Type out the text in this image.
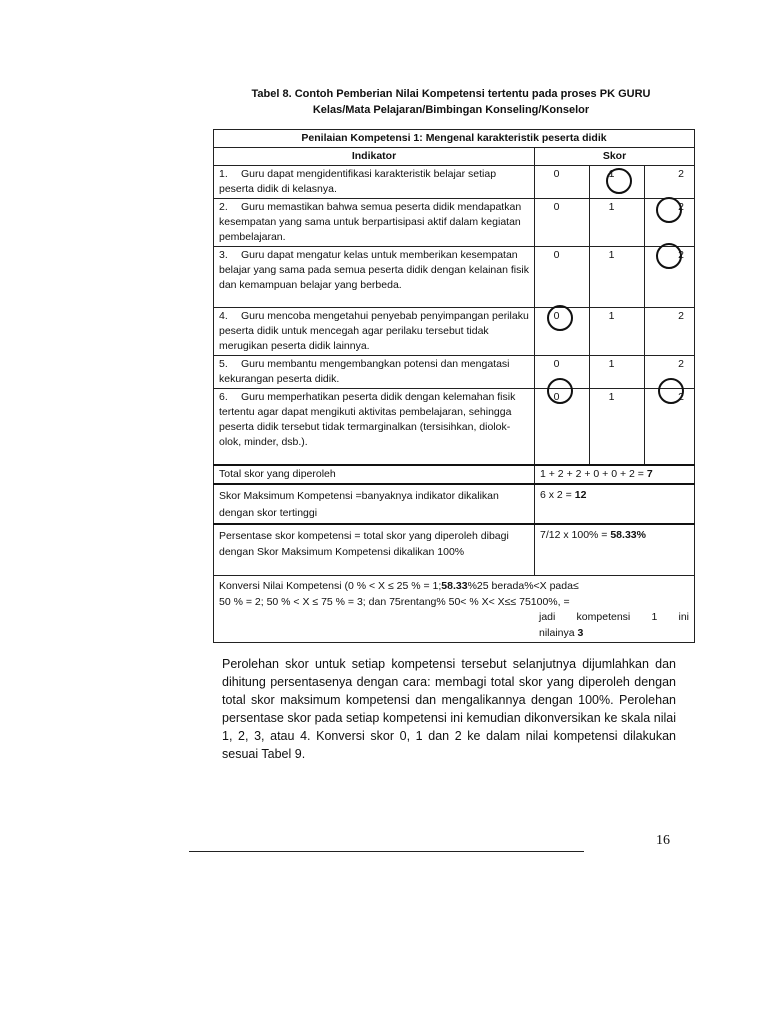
Tabel 8. Contoh Pemberian Nilai Kompetensi tertentu pada proses PK GURU
Kelas/Mata Pelajaran/Bimbingan Konseling/Konselor
Penilaian Kompetensi 1: Mengenal karakteristik peserta didik			
Indikator	Skor		
1. Guru dapat mengidentifikasi karakteristik belajar setiap peserta didik di kelasnya.	0	1	2
2. Guru memastikan bahwa semua peserta didik mendapatkan kesempatan yang sama untuk berpartisipasi aktif dalam kegiatan pembelajaran.	0	1	2
3. Guru dapat mengatur kelas untuk memberikan kesempatan belajar yang sama pada semua peserta didik dengan kelainan fisik dan kemampuan belajar yang berbeda.	0	1	2
4. Guru mencoba mengetahui penyebab penyimpangan perilaku peserta didik untuk mencegah agar perilaku tersebut tidak merugikan peserta didik lainnya.	0	1	2
5. Guru membantu mengembangkan potensi dan mengatasi kekurangan peserta didik.	0	1	2
6. Guru memperhatikan peserta didik dengan kelemahan fisik tertentu agar dapat mengikuti aktivitas pembelajaran, sehingga peserta didik tersebut tidak termarginalkan (tersisihkan, diolok-olok, minder, dsb.).	0	1	2
Total skor yang diperoleh	1 + 2 + 2 + 0 + 0 + 2 = 7		
Skor Maksimum Kompetensi =banyaknya indikator dikalikan dengan skor tertinggi	6 x 2 = 12		
Persentase skor kompetensi = total skor yang diperoleh dibagi dengan Skor Maksimum Kompetensi dikalikan 100%	7/12 x 100% = 58.33%		

Konversi Nilai Kompetensi (0 % < X ≤ 25 % = 1;58.33%25 berada%<X pada≤
50 % = 2; 50 % < X ≤ 75 % = 3; dan 75rentang% 50< % X< X≤≤ 75100%, =
jadi kompetensi 1 ini
nilainya 3			
Perolehan skor untuk setiap kompetensi tersebut selanjutnya dijumlahkan dan dihitung persentasenya dengan cara: membagi total skor yang diperoleh dengan total skor maksimum kompetensi dan mengalikannya dengan 100%. Perolehan persentase skor pada setiap kompetensi ini kemudian dikonversikan ke skala nilai 1, 2, 3, atau 4. Konversi skor 0, 1 dan 2 ke dalam nilai kompetensi dilakukan sesuai Tabel 9.
16
